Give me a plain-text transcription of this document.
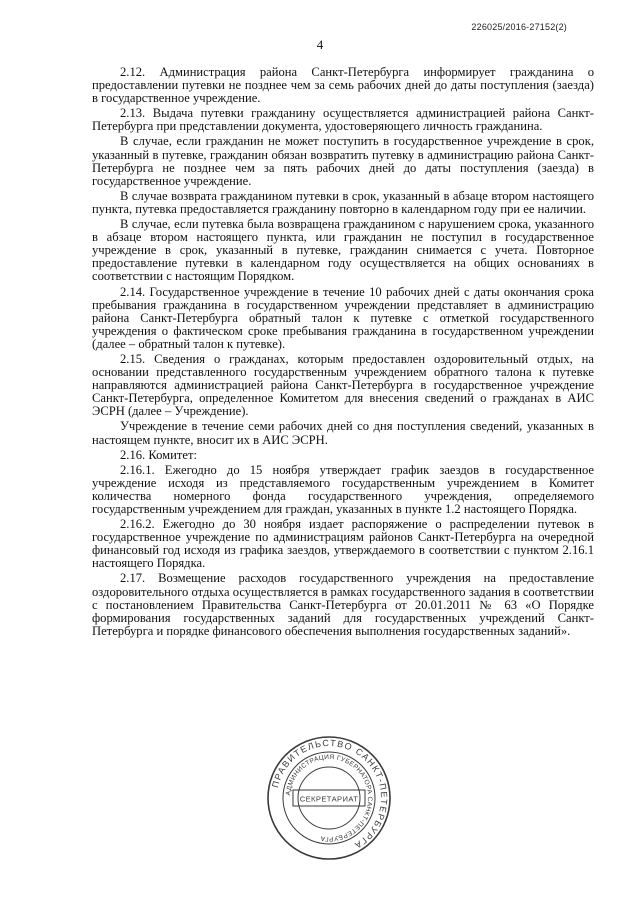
226025/2016-27152(2)
4

2.12. Администрация района Санкт-Петербурга информирует гражданина о предоставлении путевки не позднее чем за семь рабочих дней до даты поступления (заезда) в государственное учреждение.

2.13. Выдача путевки гражданину осуществляется администрацией района Санкт-Петербурга при представлении документа, удостоверяющего личность гражданина.

В случае, если гражданин не может поступить в государственное учреждение в срок, указанный в путевке, гражданин обязан возвратить путевку в администрацию района Санкт-Петербурга не позднее чем за пять рабочих дней до даты поступления (заезда) в государственное учреждение.

В случае возврата гражданином путевки в срок, указанный в абзаце втором настоящего пункта, путевка предоставляется гражданину повторно в календарном году при ее наличии.

В случае, если путевка была возвращена гражданином с нарушением срока, указанного в абзаце втором настоящего пункта, или гражданин не поступил в государственное учреждение в срок, указанный в путевке, гражданин снимается с учета. Повторное предоставление путевки в календарном году осуществляется на общих основаниях в соответствии с настоящим Порядком.

2.14. Государственное учреждение в течение 10 рабочих дней с даты окончания срока пребывания гражданина в государственном учреждении представляет в администрацию района Санкт-Петербурга обратный талон к путевке с отметкой государственного учреждения о фактическом сроке пребывания гражданина в государственном учреждении (далее – обратный талон к путевке).

2.15. Сведения о гражданах, которым предоставлен оздоровительный отдых, на основании представленного государственным учреждением обратного талона к путевке направляются администрацией района Санкт-Петербурга в государственное учреждение Санкт-Петербурга, определенное Комитетом для внесения сведений о гражданах в АИС ЭСРН (далее – Учреждение).

Учреждение в течение семи рабочих дней со дня поступления сведений, указанных в настоящем пункте, вносит их в АИС ЭСРН.

2.16. Комитет:

2.16.1. Ежегодно до 15 ноября утверждает график заездов в государственное учреждение исходя из представляемого государственным учреждением в Комитет количества номерного фонда государственного учреждения, определяемого государственным учреждением для граждан, указанных в пункте 1.2 настоящего Порядка.

2.16.2. Ежегодно до 30 ноября издает распоряжение о распределении путевок в государственное учреждение по администрациям районов Санкт-Петербурга на очередной финансовый год исходя из графика заездов, утверждаемого в соответствии с пунктом 2.16.1 настоящего Порядка.

2.17. Возмещение расходов государственного учреждения на предоставление оздоровительного отдыха осуществляется в рамках государственного задания в соответствии с постановлением Правительства Санкт-Петербурга от 20.01.2011 № 63 «О Порядке формирования государственных заданий для государственных учреждений Санкт-Петербурга и порядке финансового обеспечения выполнения государственных заданий».

ПРАВИТЕЛЬСТВО САНКТ-ПЕТЕРБУРГА
АДМИНИСТРАЦИЯ ГУБЕРНАТОРА САНКТ-ПЕТЕРБУРГА
СЕКРЕТАРИАТ
